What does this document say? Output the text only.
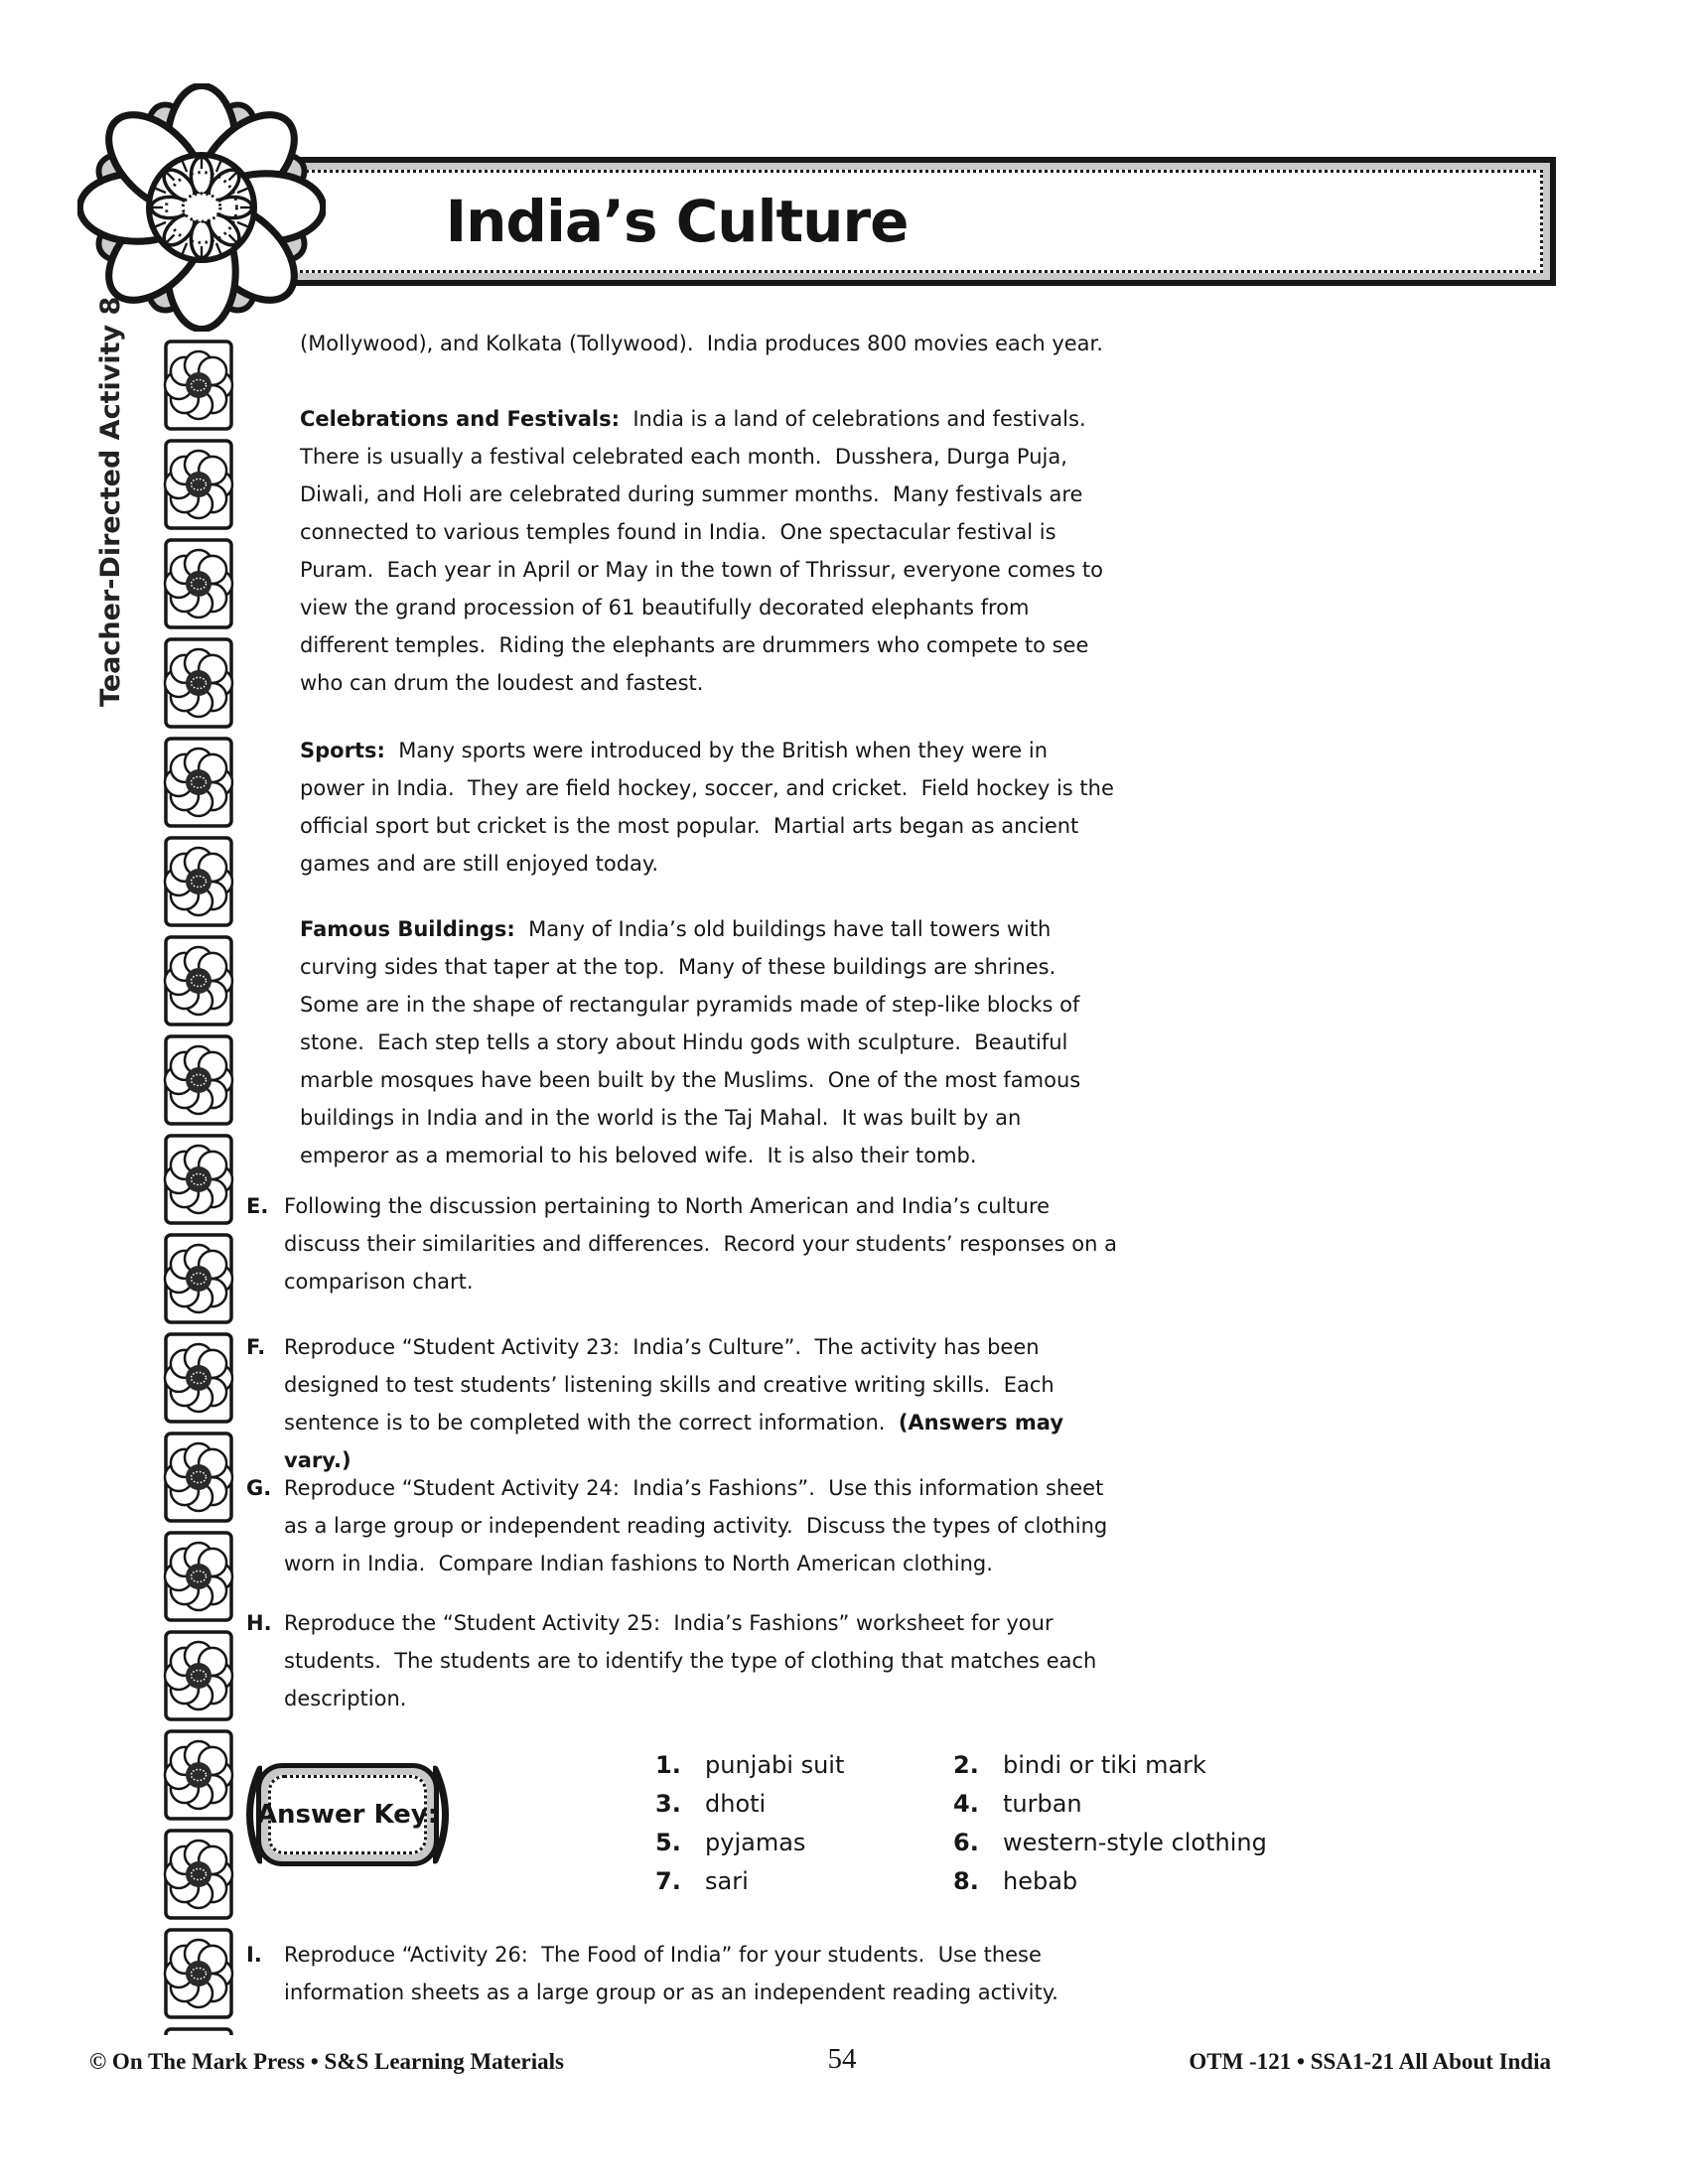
India’s Culture
Teacher-Directed Activity 8	(Mollywood), and Kolkata (Tollywood).  India produces 800 movies each year.

Celebrations and Festivals:  India is a land of celebrations and festivals.  There is usually a festival celebrated each month.  Dusshera, Durga Puja, Diwali, and Holi are celebrated during summer months.  Many festivals are connected to various temples found in India.  One spectacular festival is Puram.  Each year in April or May in the town of Thrissur, everyone comes to view the grand procession of 61 beautifully decorated elephants from different temples.  Riding the elephants are drummers who compete to see who can drum the loudest and fastest.

Sports:  Many sports were introduced by the British when they were in power in India.  They are field hockey, soccer, and cricket.  Field hockey is the official sport but cricket is the most popular.  Martial arts began as ancient games and are still enjoyed today.

Famous Buildings:  Many of India’s old buildings have tall towers with curving sides that taper at the top.  Many of these buildings are shrines.  Some are in the shape of rectangular pyramids made of step-like blocks of stone.  Each step tells a story about Hindu gods with sculpture.  Beautiful  marble mosques have been built by the Muslims.  One of the most famous buildings in India and in the world is the Taj Mahal.  It was built by an emperor as a memorial to his beloved wife.  It is also their tomb.

E. Following the discussion pertaining to North American and India’s culture discuss their similarities and differences.  Record your students’ responses on a comparison chart.
F. Reproduce “Student Activity 23:  India’s Culture”.  The activity has been designed to test students’ listening skills and creative writing skills.  Each sentence is to be completed with the correct information.  (Answers may vary.)
G. Reproduce “Student Activity 24:  India’s Fashions”.  Use this information sheet as a large group or independent reading activity.  Discuss the types of clothing worn in India.  Compare Indian fashions to North American clothing.
H. Reproduce the “Student Activity 25:  India’s Fashions” worksheet for your students.  The students are to identify the type of clothing that matches each description.
Answer Key:
1.	punjabi suit	2.	bindi or tiki mark
3.	dhoti	4.	turban
5.	pyjamas	6.	western-style clothing
7.	sari	8.	hebab
I. Reproduce “Activity 26:  The Food of India” for your students.  Use these information sheets as a large group or as an independent reading activity.
© On The Mark Press • S&S Learning Materials	54	OTM -121 • SSA1-21 All About India
